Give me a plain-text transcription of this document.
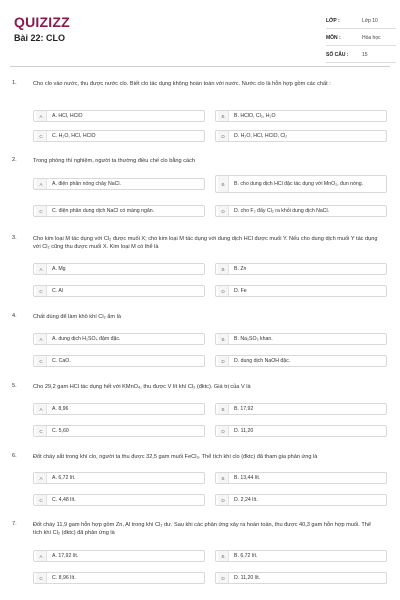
QUIZIZZ
Bài 22: CLO
LỚP :	Lớp 10
MÔN :	Hóa học
SỐ CÂU :	15
1.	Cho clo vào nước, thu được nước clo. Biết clo tác dụng không hoàn toàn với nước. Nước clo là hỗn hợp gồm các chất :
A	A. HCl, HClO	B	B. HClO, Cl₂, H₂O
C	C. H₂O, HCl, HClO	D	D. H₂O, HCl, HClO, Cl₂
2.	Trong phòng thí nghiệm, người ta thường điều chế clo bằng cách
A	A. điện phân nóng chảy NaCl.	B	B. cho dung dịch HCl đặc tác dụng với MnO₂, đun nóng.
C	C. điện phân dung dịch NaCl có màng ngăn.	D	D. cho F₂ đẩy Cl₂ ra khỏi dung dịch NaCl.
3.	Cho kim loại M tác dụng với Cl₂ được muối X; cho kim loại M tác dụng với dung dịch HCl được muối Y. Nếu cho dung dịch muối Y tác dụng với Cl₂ cũng thu được muối X. Kim loại M có thể là
A	A. Mg	B	B. Zn
C	C. Al	D	D. Fe
4.	Chất dùng để làm khô khí Cl₂ ẩm là
A	A. dung dịch H₂SO₄ đậm đặc.	B	B. Na₂SO₃ khan.
C	C. CaO.	D	D. dung dịch NaOH đặc.
5.	Cho 29,2 gam HCl tác dụng hết với KMnO₄, thu được V lít khí Cl₂ (đktc). Giá trị của V là
A	A. 8,96	B	B. 17,92
C	C. 5,60	D	D. 11,20
6.	Đốt cháy sắt trong khí clo, người ta thu được 32,5 gam muối FeCl₃. Thể tích khí clo (đktc) đã tham gia phản ứng là
A	A. 6,72 lít.	B	B. 13,44 lít.
C	C. 4,48 lít.	D	D. 2,24 lít.
7.	Đốt cháy 11,9 gam hỗn hợp gồm Zn, Al trong khí Cl₂ dư. Sau khi các phản ứng xảy ra hoàn toàn, thu được 40,3 gam hỗn hợp muối. Thể tích khí Cl₂ (đktc) đã phản ứng là
A	A. 17,92 lít.	B	B. 6,72 lít.
C	C. 8,96 lít.	D	D. 11,20 lít.
